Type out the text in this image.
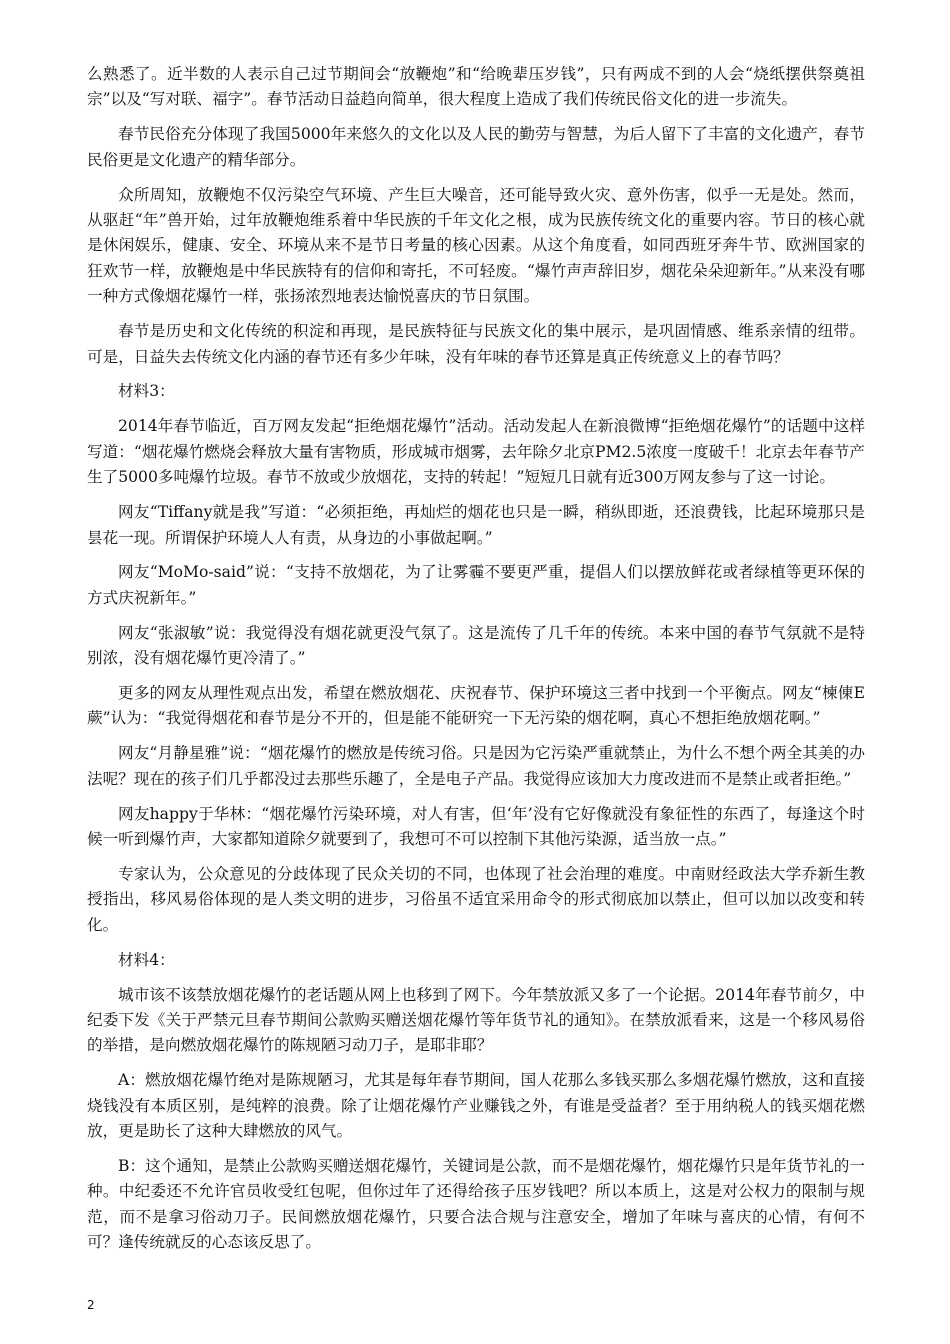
么熟悉了。近半数的人表示自己过节期间会“放鞭炮”和“给晚辈压岁钱”，只有两成不到的人会“烧纸摆供祭奠祖宗”以及“写对联、福字”。春节活动日益趋向简单，很大程度上造成了我们传统民俗文化的进一步流失。

春节民俗充分体现了我国5000年来悠久的文化以及人民的勤劳与智慧，为后人留下了丰富的文化遗产，春节民俗更是文化遗产的精华部分。

众所周知，放鞭炮不仅污染空气环境、产生巨大噪音，还可能导致火灾、意外伤害，似乎一无是处。然而，从驱赶“年”兽开始，过年放鞭炮维系着中华民族的千年文化之根，成为民族传统文化的重要内容。节日的核心就是休闲娱乐，健康、安全、环境从来不是节日考量的核心因素。从这个角度看，如同西班牙奔牛节、欧洲国家的狂欢节一样，放鞭炮是中华民族特有的信仰和寄托，不可轻废。“爆竹声声辞旧岁，烟花朵朵迎新年。”从来没有哪一种方式像烟花爆竹一样，张扬浓烈地表达愉悦喜庆的节日氛围。

春节是历史和文化传统的积淀和再现，是民族特征与民族文化的集中展示，是巩固情感、维系亲情的纽带。可是，日益失去传统文化内涵的春节还有多少年味，没有年味的春节还算是真正传统意义上的春节吗？

材料3：

2014年春节临近，百万网友发起“拒绝烟花爆竹”活动。活动发起人在新浪微博“拒绝烟花爆竹”的话题中这样写道：“烟花爆竹燃烧会释放大量有害物质，形成城市烟雾，去年除夕北京PM2.5浓度一度破千！北京去年春节产生了5000多吨爆竹垃圾。春节不放或少放烟花，支持的转起！”短短几日就有近300万网友参与了这一讨论。

网友“Tiffany就是我”写道：“必须拒绝，再灿烂的烟花也只是一瞬，稍纵即逝，还浪费钱，比起环境那只是昙花一现。所谓保护环境人人有责，从身边的小事做起啊。”

网友“MoMo-said”说：“支持不放烟花，为了让雾霾不要更严重，提倡人们以摆放鲜花或者绿植等更环保的方式庆祝新年。”

网友“张淑敏”说：我觉得没有烟花就更没气氛了。这是流传了几千年的传统。本来中国的春节气氛就不是特别浓，没有烟花爆竹更冷清了。”

更多的网友从理性观点出发，希望在燃放烟花、庆祝春节、保护环境这三者中找到一个平衡点。网友“楝倲E蕨”认为：“我觉得烟花和春节是分不开的，但是能不能研究一下无污染的烟花啊，真心不想拒绝放烟花啊。”

网友“月静星雅”说：“烟花爆竹的燃放是传统习俗。只是因为它污染严重就禁止，为什么不想个两全其美的办法呢？现在的孩子们几乎都没过去那些乐趣了，全是电子产品。我觉得应该加大力度改进而不是禁止或者拒绝。”

网友happy于华林：“烟花爆竹污染环境，对人有害，但‘年’没有它好像就没有象征性的东西了，每逢这个时候一听到爆竹声，大家都知道除夕就要到了，我想可不可以控制下其他污染源，适当放一点。”

专家认为，公众意见的分歧体现了民众关切的不同，也体现了社会治理的难度。中南财经政法大学乔新生教授指出，移风易俗体现的是人类文明的进步，习俗虽不适宜采用命令的形式彻底加以禁止，但可以加以改变和转化。

材料4：

城市该不该禁放烟花爆竹的老话题从网上也移到了网下。今年禁放派又多了一个论据。2014年春节前夕，中纪委下发《关于严禁元旦春节期间公款购买赠送烟花爆竹等年货节礼的通知》。在禁放派看来，这是一个移风易俗的举措，是向燃放烟花爆竹的陈规陋习动刀子，是耶非耶？

A：燃放烟花爆竹绝对是陈规陋习，尤其是每年春节期间，国人花那么多钱买那么多烟花爆竹燃放，这和直接烧钱没有本质区别，是纯粹的浪费。除了让烟花爆竹产业赚钱之外，有谁是受益者？至于用纳税人的钱买烟花燃放，更是助长了这种大肆燃放的风气。

B：这个通知，是禁止公款购买赠送烟花爆竹，关键词是公款，而不是烟花爆竹，烟花爆竹只是年货节礼的一种。中纪委还不允许官员收受红包呢，但你过年了还得给孩子压岁钱吧？所以本质上，这是对公权力的限制与规范，而不是拿习俗动刀子。民间燃放烟花爆竹，只要合法合规与注意安全，增加了年味与喜庆的心情，有何不可？逢传统就反的心态该反思了。

2
